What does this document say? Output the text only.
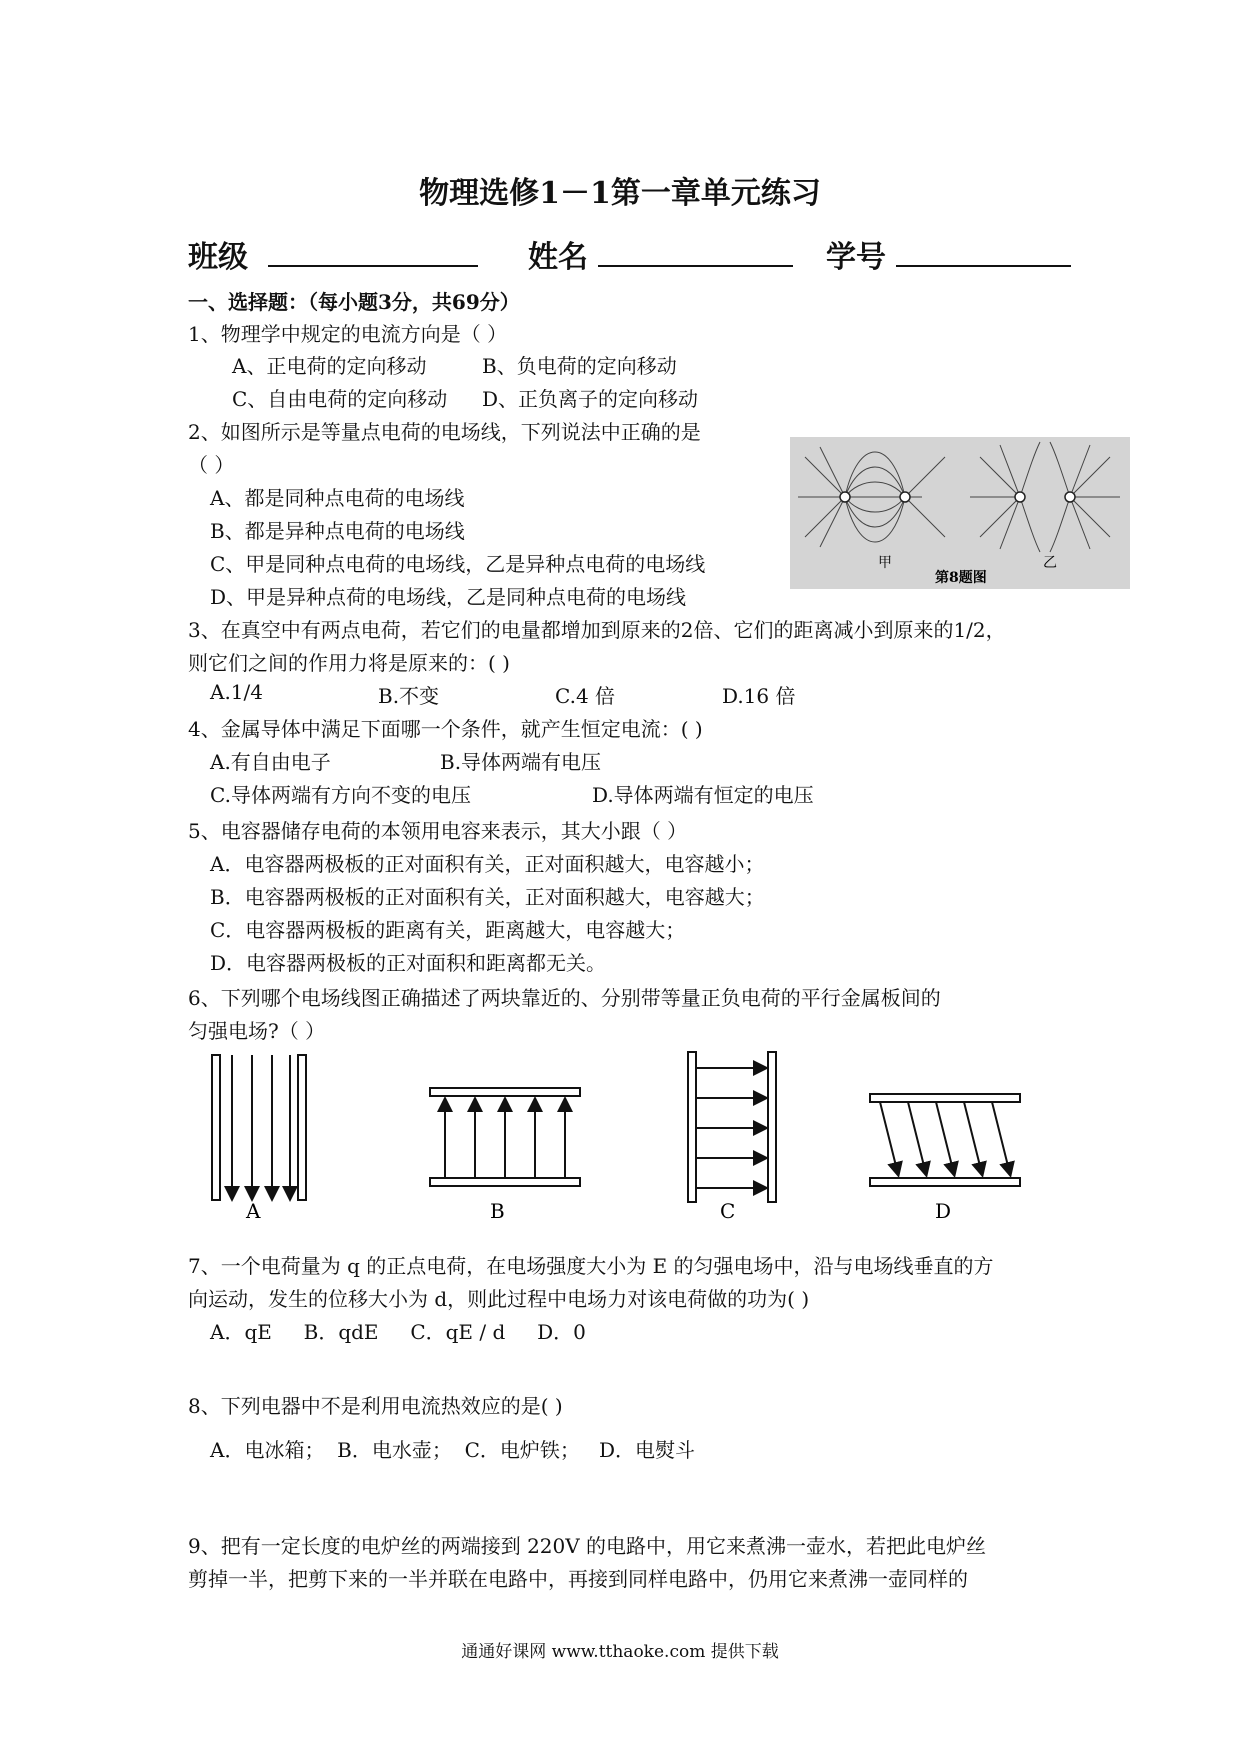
物理选修1－1第一章单元练习
班级	姓名	学号
一、选择题：（每小题3分，共69分）
1、物理学中规定的电流方向是（ ）
A、正电荷的定向移动	B、负电荷的定向移动
C、自由电荷的定向移动 D、正负离子的定向移动
2、如图所示是等量点电荷的电场线，下列说法中正确的是
（ ）
A、都是同种点电荷的电场线
B、都是异种点电荷的电场线
C、甲是同种点电荷的电场线，乙是异种点电荷的电场线
D、甲是异种点荷的电场线，乙是同种点电荷的电场线
甲
第8题图
乙
3、在真空中有两点电荷，若它们的电量都增加到原来的2倍、它们的距离减小到原来的1/2，
则它们之间的作用力将是原来的：( )
A.1/4	B.不变	C.4 倍	D.16 倍
4、金属导体中满足下面哪一个条件，就产生恒定电流：( )
A.有自由电子	B.导体两端有电压
C.导体两端有方向不变的电压	D.导体两端有恒定的电压
5、电容器储存电荷的本领用电容来表示，其大小跟（ ）
A．电容器两极板的正对面积有关，正对面积越大，电容越小；
B．电容器两极板的正对面积有关，正对面积越大，电容越大；
C．电容器两极板的距离有关，距离越大，电容越大；
D．电容器两极板的正对面积和距离都无关。
6、下列哪个电场线图正确描述了两块靠近的、分别带等量正负电荷的平行金属板间的
匀强电场?（ ）
A	B	C	D
7、一个电荷量为 q 的正点电荷，在电场强度大小为 E 的匀强电场中，沿与电场线垂直的方
向运动，发生的位移大小为 d，则此过程中电场力对该电荷做的功为( )
A．qE     B．qdE     C．qE / d     D．0
8、下列电器中不是利用电流热效应的是( )
A．电冰箱；  B．电水壶；  C．电炉铁；   D．电熨斗
9、把有一定长度的电炉丝的两端接到 220V 的电路中，用它来煮沸一壶水，若把此电炉丝
剪掉一半，把剪下来的一半并联在电路中，再接到同样电路中，仍用它来煮沸一壶同样的
通通好课网 www.tthaoke.com 提供下载
